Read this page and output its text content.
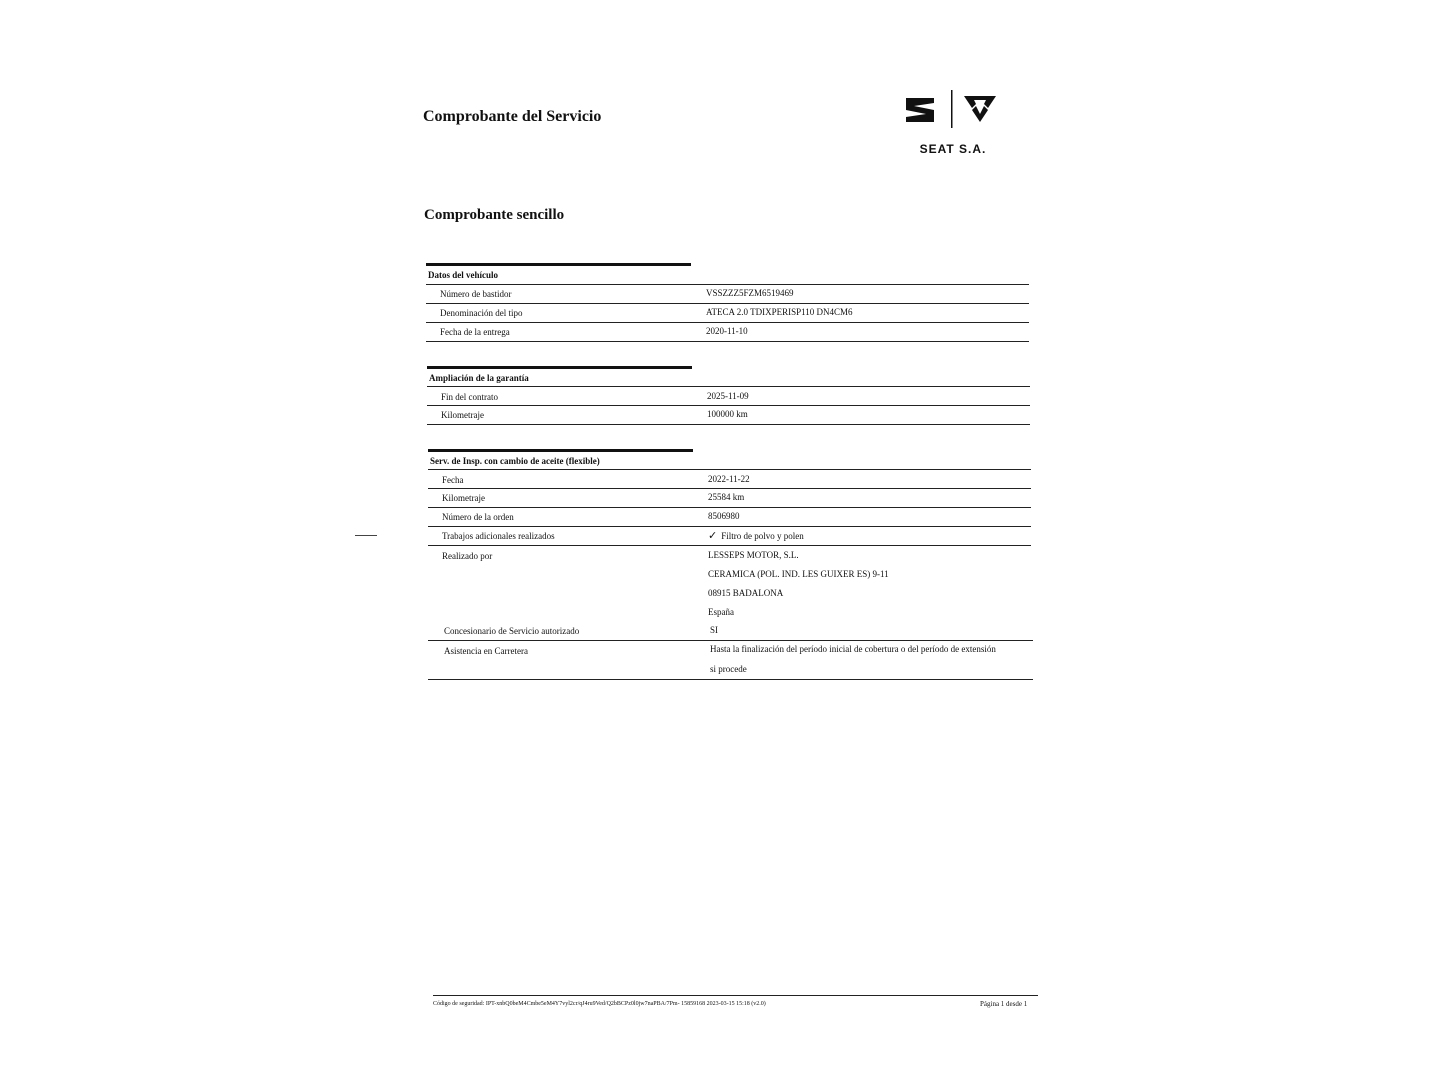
Comprobante del Servicio
Comprobante sencillo
SEAT S.A.
Datos del vehículo
Número de bastidor	VSSZZZ5FZM6519469
Denominación del tipo	ATECA 2.0 TDIXPERISP110 DN4CM6
Fecha de la entrega	2020-11-10
Ampliación de la garantía
Fin del contrato	2025-11-09
Kilometraje	100000 km
Serv. de Insp. con cambio de aceite (flexible)
Fecha	2022-11-22
Kilometraje	25584 km
Número de la orden	8506980
Trabajos adicionales realizados	✓ Filtro de polvo y polen
Realizado por	LESSEPS MOTOR, S.L.
CERAMICA (POL. IND. LES GUIXER ES) 9-11
08915 BADALONA
España
Concesionario de Servicio autorizado	SI
Asistencia en Carretera	Hasta la finalización del período inicial de cobertura o del período de extensión
si procede
Código de seguridad: IPT-xnbQ0beM4Cmbe5eM4Y7vyl2cr/qJ4ru9Ved/Q2bBCPz0l0jw7naPBA/7Pm- 15859168 2023-03-15 15:18 (v2.0)	Página 1 desde 1
